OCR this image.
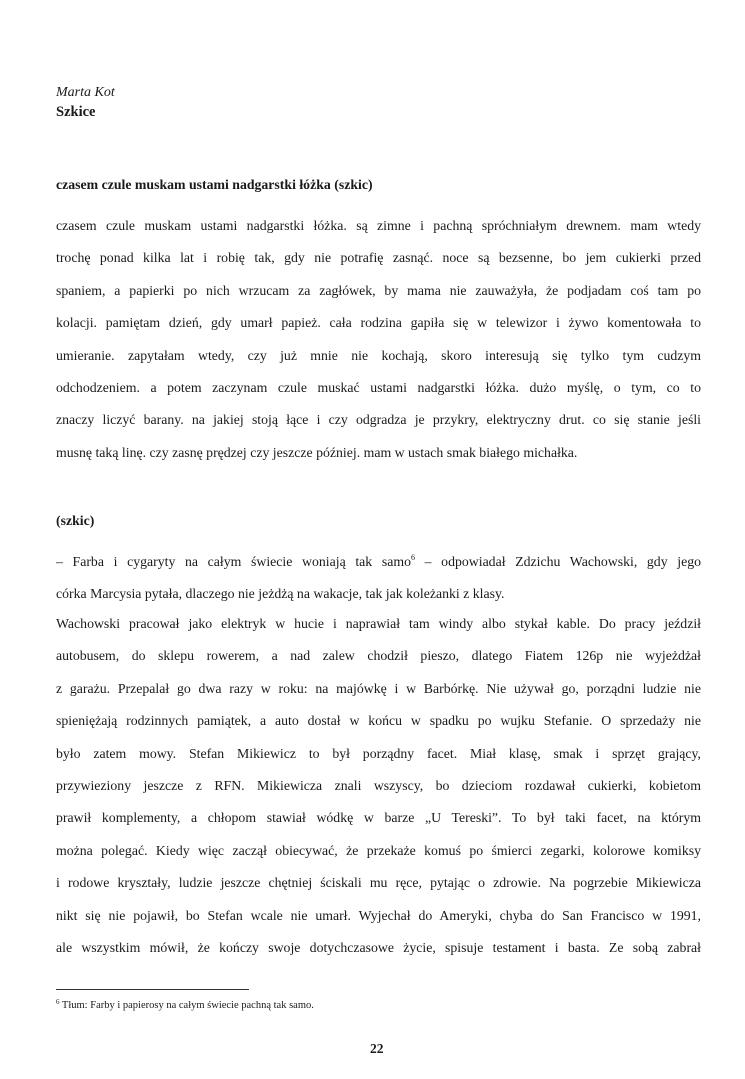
Marta Kot
Szkice
czasem czule muskam ustami nadgarstki łóżka (szkic)
czasem czule muskam ustami nadgarstki łóżka. są zimne i pachną spróchniałym drewnem. mam wtedy
trochę ponad kilka lat i robię tak, gdy nie potrafię zasnąć. noce są bezsenne, bo jem cukierki przed
spaniem, a papierki po nich wrzucam za zagłówek, by mama nie zauważyła, że podjadam coś tam po
kolacji. pamiętam dzień, gdy umarł papież. cała rodzina gapiła się w telewizor i żywo komentowała to
umieranie. zapytałam wtedy, czy już mnie nie kochają, skoro interesują się tylko tym cudzym
odchodzeniem. a potem zaczynam czule muskać ustami nadgarstki łóżka. dużo myślę, o tym, co to
znaczy liczyć barany. na jakiej stoją łące i czy odgradza je przykry, elektryczny drut. co się stanie jeśli
musnę taką linę. czy zasnę prędzej czy jeszcze później. mam w ustach smak białego michałka.
(szkic)
– Farba i cygaryty na całym świecie woniają tak samo$^6$ – odpowiadał Zdzichu Wachowski, gdy jego
córka Marcysia pytała, dlaczego nie jeżdżą na wakacje, tak jak koleżanki z klasy.
Wachowski pracował jako elektryk w hucie i naprawiał tam windy albo stykał kable. Do pracy jeździł
autobusem, do sklepu rowerem, a nad zalew chodził pieszo, dlatego Fiatem 126p nie wyjeżdżał
z garażu. Przepalał go dwa razy w roku: na majówkę i w Barbórkę. Nie używał go, porządni ludzie nie
spieniężają rodzinnych pamiątek, a auto dostał w końcu w spadku po wujku Stefanie. O sprzedaży nie
było zatem mowy. Stefan Mikiewicz to był porządny facet. Miał klasę, smak i sprzęt grający,
przywieziony jeszcze z RFN. Mikiewicza znali wszyscy, bo dzieciom rozdawał cukierki, kobietom
prawił komplementy, a chłopom stawiał wódkę w barze „U Tereski”. To był taki facet, na którym
można polegać. Kiedy więc zaczął obiecywać, że przekaże komuś po śmierci zegarki, kolorowe komiksy
i rodowe kryształy, ludzie jeszcze chętniej ściskali mu ręce, pytając o zdrowie. Na pogrzebie Mikiewicza
nikt się nie pojawił, bo Stefan wcale nie umarł. Wyjechał do Ameryki, chyba do San Francisco w 1991,
ale wszystkim mówił, że kończy swoje dotychczasowe życie, spisuje testament i basta. Ze sobą zabrał
$^6$ Tłum: Farby i papierosy na całym świecie pachną tak samo.
22
